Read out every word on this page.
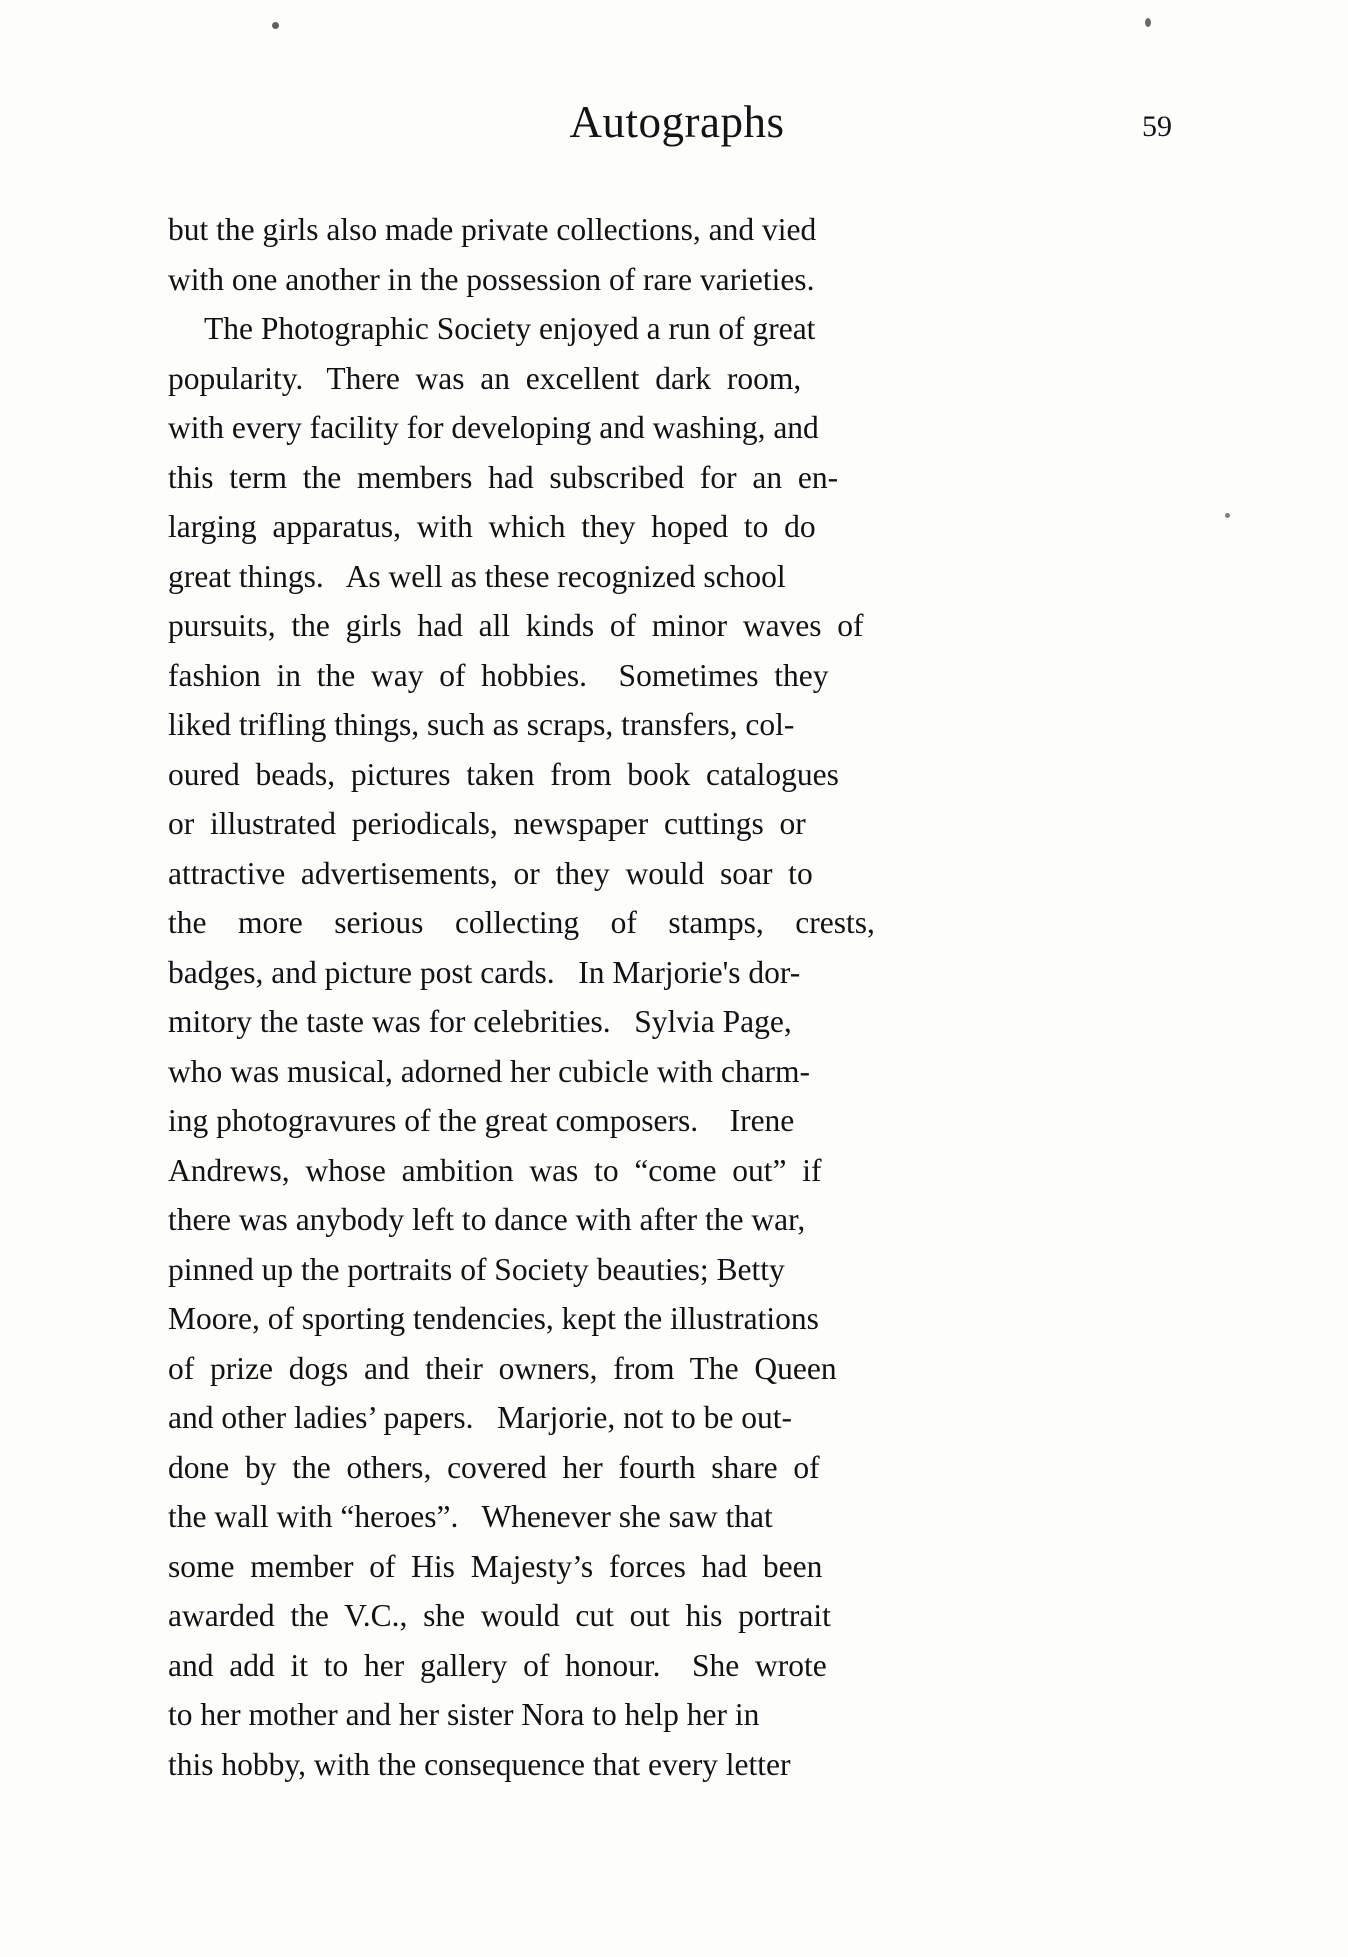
Autographs	59
but the girls also made private collections, and vied
with one another in the possession of rare varieties.
The Photographic Society enjoyed a run of great
popularity.   There  was  an  excellent  dark  room,
with every facility for developing and washing, and
this  term  the  members  had  subscribed  for  an  en-
larging  apparatus,  with  which  they  hoped  to  do
great things.   As well as these recognized school
pursuits,  the  girls  had  all  kinds  of  minor  waves  of
fashion  in  the  way  of  hobbies.    Sometimes  they
liked trifling things, such as scraps, transfers, col-
oured  beads,  pictures  taken  from  book  catalogues
or  illustrated  periodicals,  newspaper  cuttings  or
attractive  advertisements,  or  they  would  soar  to
the    more    serious    collecting    of    stamps,    crests,
badges, and picture post cards.   In Marjorie's dor-
mitory the taste was for celebrities.   Sylvia Page,
who was musical, adorned her cubicle with charm-
ing photogravures of the great composers.    Irene
Andrews,  whose  ambition  was  to  “come  out”  if
there was anybody left to dance with after the war,
pinned up the portraits of Society beauties; Betty
Moore, of sporting tendencies, kept the illustrations
of  prize  dogs  and  their  owners,  from  The  Queen
and other ladies’ papers.   Marjorie, not to be out-
done  by  the  others,  covered  her  fourth  share  of
the wall with “heroes”.   Whenever she saw that
some  member  of  His  Majesty’s  forces  had  been
awarded  the  V.C.,  she  would  cut  out  his  portrait
and  add  it  to  her  gallery  of  honour.    She  wrote
to her mother and her sister Nora to help her in
this hobby, with the consequence that every letter
